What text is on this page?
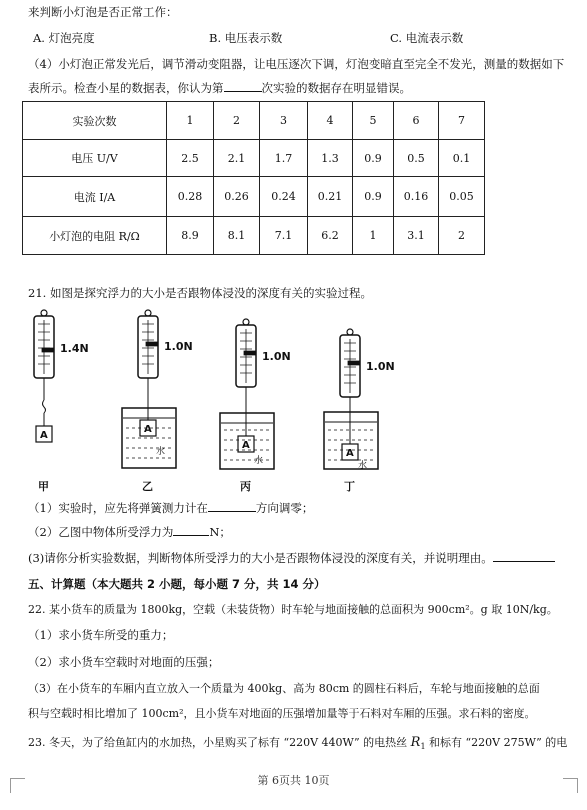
来判断小灯泡是否正常工作：
A. 灯泡亮度	B. 电压表示数	C. 电流表示数
（4）小灯泡正常发光后，调节滑动变阻器，让电压逐次下调，灯泡变暗直至完全不发光，测量的数据如下
表所示。检查小星的数据表，你认为第	次实验的数据存在明显错误。
实验次数	1	2	3	4	5	6	7
电压 U/V	2.5	2.1	1.7	1.3	0.9	0.5	0.1
电流 I/A	0.28	0.26	0.24	0.21	0.9	0.16	0.05
小灯泡的电阻 R/Ω	8.9	8.1	7.1	6.2	1	3.1	2
21. 如图是探究浮力的大小是否跟物体浸没的深度有关的实验过程。
1.4N	1.0N
1.0N
1.0N
A
A
A
A
水
水	水
甲	乙	丙	丁
（1）实验时，应先将弹簧测力计在	方向调零；
（2）乙图中物体所受浮力为	N；
(3)请你分析实验数据，判断物体所受浮力的大小是否跟物体浸没的深度有关，并说明理由。
五、计算题（本大题共 2 小题，每小题 7 分，共 14 分）
22. 某小货车的质量为 1800kg，空载（未装货物）时车轮与地面接触的总面积为 900cm²。g 取 10N/kg。
（1）求小货车所受的重力；
（2）求小货车空载时对地面的压强；
（3）在小货车的车厢内直立放入一个质量为 400kg、高为 80cm 的圆柱石料后，车轮与地面接触的总面
积与空载时相比增加了 100cm²，且小货车对地面的压强增加量等于石料对车厢的压强。求石料的密度。
23. 冬天，为了给鱼缸内的水加热，小星购买了标有 “220V 440W” 的电热丝 $R_1$ 和标有 “220V 275W” 的电
第 6页共 10页
